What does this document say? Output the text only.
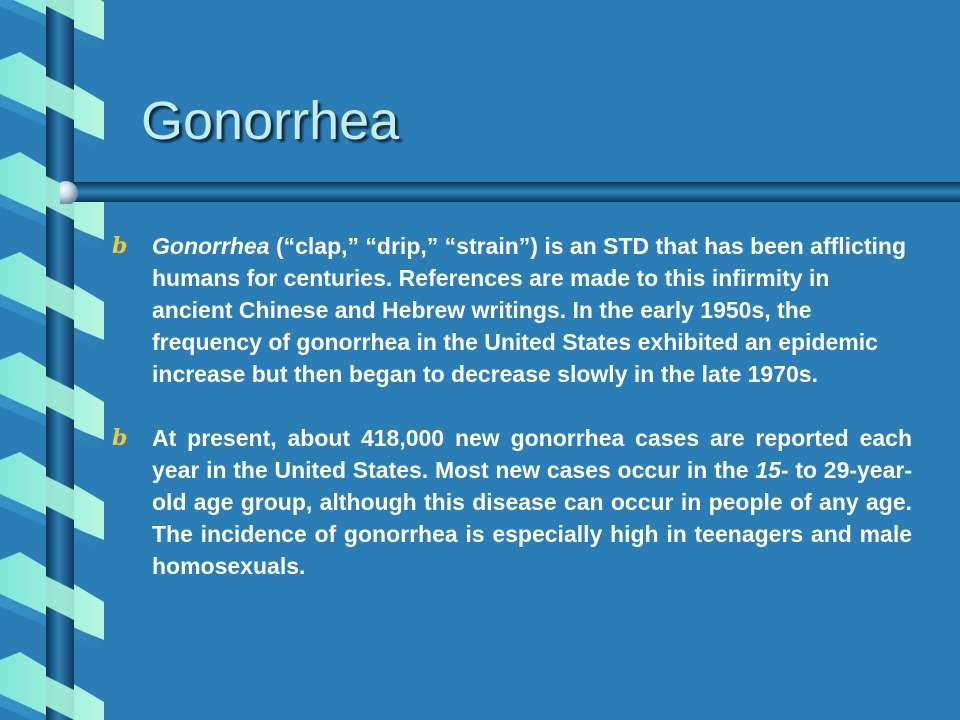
Gonorrhea
b	Gonorrhea (“clap,” “drip,” “strain”) is an STD that has been afflicting humans for centuries. References are made to this infirmity in ancient Chinese and Hebrew writings. In the early 1950s, the frequency of gonorrhea in the United States exhibited an epidemic increase but then began to decrease slowly in the late 1970s.
b	At present, about 418,000 new gonorrhea cases are reported each year in the United States. Most new cases occur in the 15- to 29-year-old age group, although this disease can occur in people of any age. The incidence of gonorrhea is especially high in teenagers and male homosexuals.
